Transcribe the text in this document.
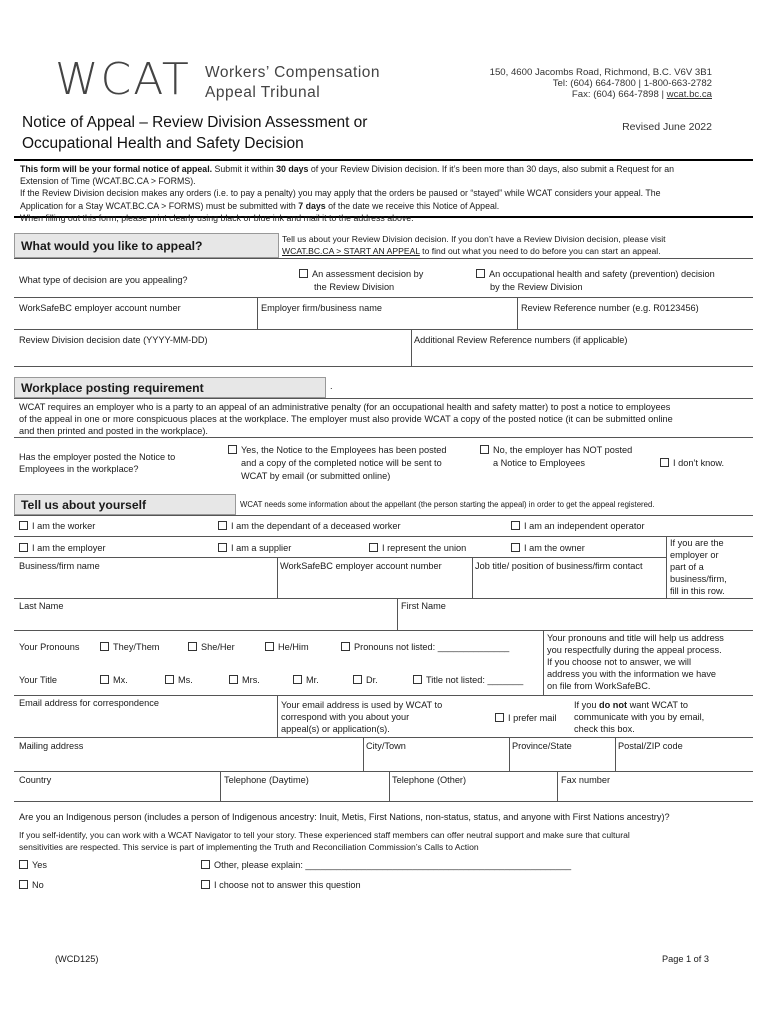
WCAT Workers’ Compensation
Appeal Tribunal
150, 4600 Jacombs Road, Richmond, B.C. V6V 3B1
Tel: (604) 664-7800 | 1-800-663-2782
Fax: (604) 664-7898 | wcat.bc.ca
Notice of Appeal – Review Division Assessment or
Occupational Health and Safety Decision
Revised June 2022
This form will be your formal notice of appeal. Submit it within 30 days of your Review Division decision. If it’s been more than 30 days, also submit a Request for an
Extension of Time (WCAT.BC.CA > FORMS).
If the Review Division decision makes any orders (i.e. to pay a penalty) you may apply that the orders be paused or “stayed” while WCAT considers your appeal. The
Application for a Stay WCAT.BC.CA > FORMS) must be submitted with 7 days of the date we receive this Notice of Appeal.
When filling out this form, please print clearly using black or blue ink and mail it to the address above.
What would you like to appeal?	Tell us about your Review Division decision. If you don’t have a Review Division decision, please visit
WCAT.BC.CA > START AN APPEAL to find out what you need to do before you can start an appeal.
What type of decision are you appealing?
An assessment decision by
the Review Division
An occupational health and safety (prevention) decision
by the Review Division
WorkSafeBC employer account number	Employer firm/business name	Review Reference number (e.g. R0123456)
Review Division decision date (YYYY-MM-DD)	Additional Review Reference numbers (if applicable)
Workplace posting requirement	.
WCAT requires an employer who is a party to an appeal of an administrative penalty (for an occupational health and safety matter) to post a notice to employees
of the appeal in one or more conspicuous places at the workplace. The employer must also provide WCAT a copy of the posted notice (it can be submitted online
and then printed and posted in the workplace).
Has the employer posted the Notice to
Employees in the workplace?
Yes, the Notice to the Employees has been posted
and a copy of the completed notice will be sent to
WCAT by email (or submitted online)
No, the employer has NOT posted
a Notice to Employees	I don’t know.
Tell us about yourself	WCAT needs some information about the appellant (the person starting the appeal) in order to get the appeal registered.
I am the worker	I am the dependant of a deceased worker	I am an independent operator
I am the employer	I am a supplier	I represent the union	I am the owner	If you are the
employer or
part of a
business/firm,
fill in this row.
Business/firm name	WorkSafeBC employer account number	Job title/ position of business/firm contact
Last Name	First Name
Your Pronouns	They/Them	She/Her	He/Him	Pronouns not listed: ______________
Your pronouns and title will help us address
you respectfully during the appeal process.
If you choose not to answer, we will
address you with the information we have
on file from WorkSafeBC.
Your Title	Mx.	Ms.	Mrs.	Mr.	Dr.	Title not listed: _______
Email address for correspondence	Your email address is used by WCAT to
correspond with you about your
appeal(s) or application(s).
I prefer mail
If you do not want WCAT to
communicate with you by email,
check this box.
Mailing address	City/Town	Province/State	Postal/ZIP code
Country	Telephone (Daytime)	Telephone (Other)	Fax number
Are you an Indigenous person (includes a person of Indigenous ancestry: Inuit, Metis, First Nations, non-status, status, and anyone with First Nations ancestry)?
If you self-identify, you can work with a WCAT Navigator to tell your story. These experienced staff members can offer neutral support and make sure that cultural
sensitivities are respected. This service is part of implementing the Truth and Reconciliation Commission’s Calls to Action
Yes	Other, please explain: ____________________________________________________
No	I choose not to answer this question
(WCD125)	Page 1 of 3
